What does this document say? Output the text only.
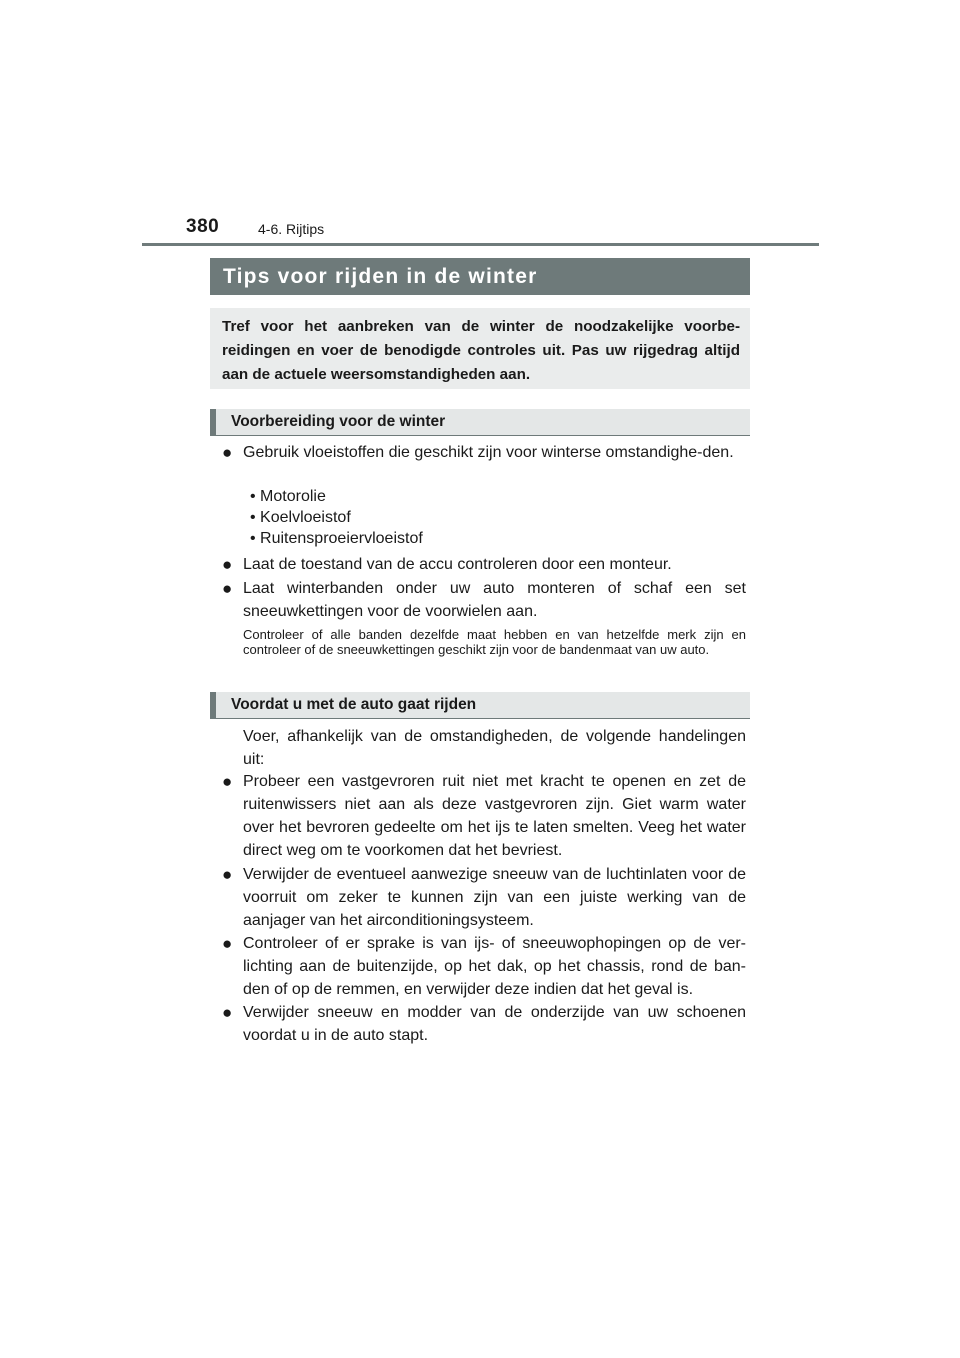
380	4-6. Rijtips
Tips voor rijden in de winter

Tref voor het aanbreken van de winter de noodzakelijke voorbe-reidingen en voer de benodigde controles uit. Pas uw rijgedrag altijd aan de actuele weersomstandigheden aan.

Voorbereiding voor de winter
● Gebruik vloeistoffen die geschikt zijn voor winterse omstandighe-den.
• Motorolie
• Koelvloeistof
• Ruitensproeiervloeistof
● Laat de toestand van de accu controleren door een monteur.
● Laat winterbanden onder uw auto monteren of schaf een set sneeuwkettingen voor de voorwielen aan.

Controleer of alle banden dezelfde maat hebben en van hetzelfde merk zijn en controleer of de sneeuwkettingen geschikt zijn voor de bandenmaat van uw auto.

Voordat u met de auto gaat rijden

Voer, afhankelijk van de omstandigheden, de volgende handelingen uit:

● Probeer een vastgevroren ruit niet met kracht te openen en zet de ruitenwissers niet aan als deze vastgevroren zijn. Giet warm water over het bevroren gedeelte om het ijs te laten smelten. Veeg het water direct weg om te voorkomen dat het bevriest.
● Verwijder de eventueel aanwezige sneeuw van de luchtinlaten voor de voorruit om zeker te kunnen zijn van een juiste werking van de aanjager van het airconditioningsysteem.
● Controleer of er sprake is van ijs- of sneeuwophopingen op de ver-lichting aan de buitenzijde, op het dak, op het chassis, rond de ban-den of op de remmen, en verwijder deze indien dat het geval is.
● Verwijder sneeuw en modder van de onderzijde van uw schoenen voordat u in de auto stapt.
